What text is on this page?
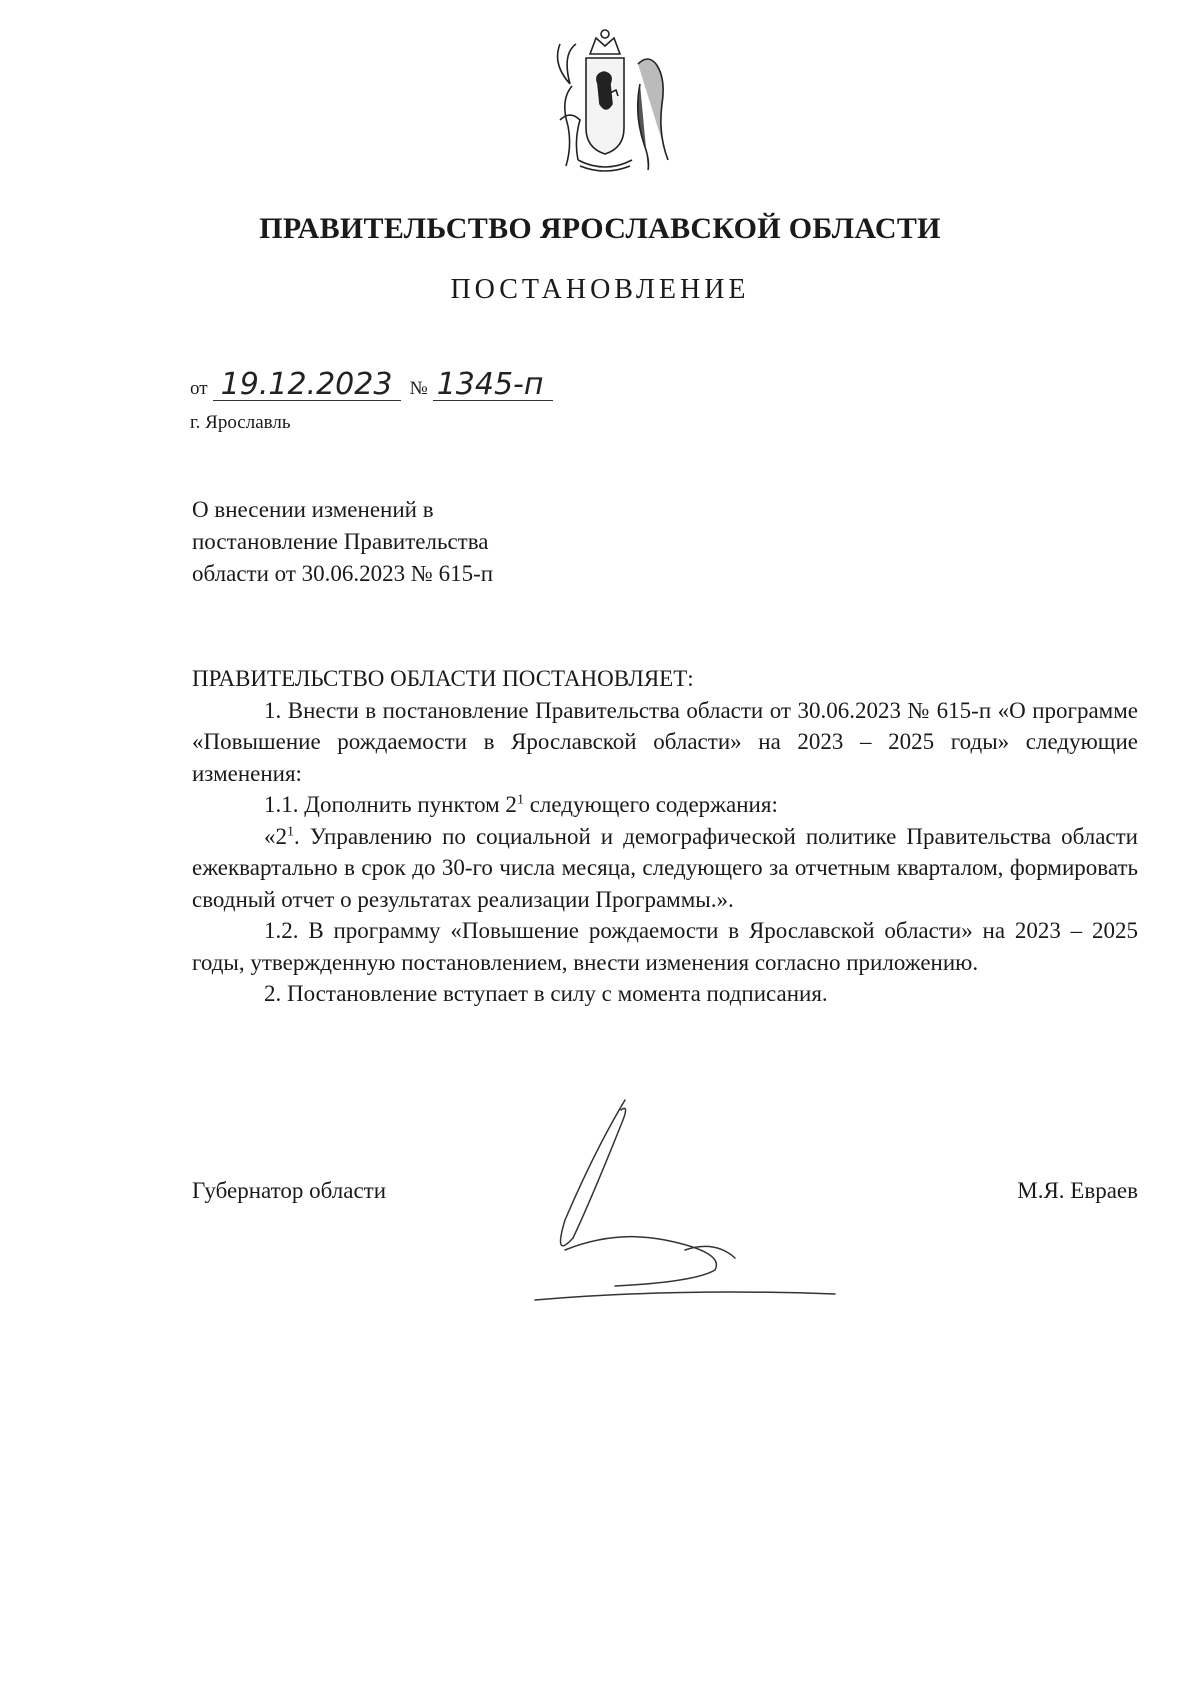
ПРАВИТЕЛЬСТВО ЯРОСЛАВСКОЙ ОБЛАСТИ
ПОСТАНОВЛЕНИЕ
от 19.12.2023 № 1345-п
г. Ярославль
О внесении изменений в
постановление Правительства
области от 30.06.2023 № 615-п

ПРАВИТЕЛЬСТВО ОБЛАСТИ ПОСТАНОВЛЯЕТ:

1. Внести в постановление Правительства области от 30.06.2023 № 615-п «О программе «Повышение рождаемости в Ярославской области» на 2023 – 2025 годы» следующие изменения:

1.1. Дополнить пунктом $2^1$ следующего содержания:

«$2^1$. Управлению по социальной и демографической политике Правительства области ежеквартально в срок до 30-го числа месяца, следующего за отчетным кварталом, формировать сводный отчет о результатах реализации Программы.».

1.2. В программу «Повышение рождаемости в Ярославской области» на 2023 – 2025 годы, утвержденную постановлением, внести изменения согласно приложению.

2. Постановление вступает в силу с момента подписания.

Губернатор области	М.Я. Евраев
